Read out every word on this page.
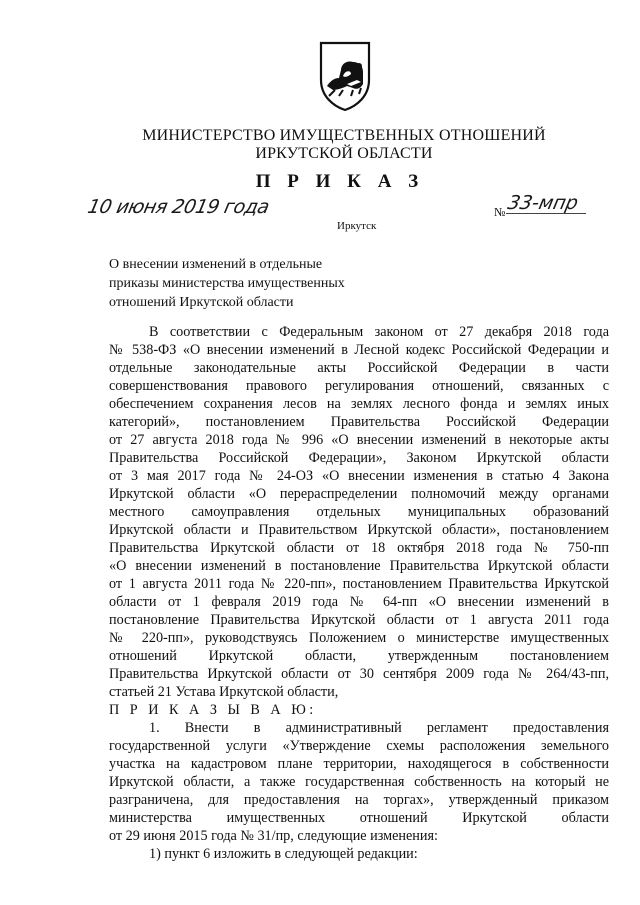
МИНИСТЕРСТВО ИМУЩЕСТВЕННЫХ ОТНОШЕНИЙ
ИРКУТСКОЙ ОБЛАСТИ
П Р И К А З
10 июня 2019 года	№ 33-мпр
Иркутск
О внесении изменений в отдельные
приказы министерства имущественных
отношений Иркутской области
В соответствии с Федеральным законом от 27 декабря 2018 года
№ 538-ФЗ «О внесении изменений в Лесной кодекс Российской Федерации и
отдельные законодательные акты Российской Федерации в части
совершенствования правового регулирования отношений, связанных с
обеспечением сохранения лесов на землях лесного фонда и землях иных
категорий», постановлением Правительства Российской Федерации
от 27 августа 2018 года № 996 «О внесении изменений в некоторые акты
Правительства Российской Федерации», Законом Иркутской области
от 3 мая 2017 года № 24-ОЗ «О внесении изменения в статью 4 Закона
Иркутской области «О перераспределении полномочий между органами
местного самоуправления отдельных муниципальных образований
Иркутской области и Правительством Иркутской области», постановлением
Правительства Иркутской области от 18 октября 2018 года № 750-пп
«О внесении изменений в постановление Правительства Иркутской области
от 1 августа 2011 года № 220-пп», постановлением Правительства Иркутской
области от 1 февраля 2019 года № 64-пп «О внесении изменений в
постановление Правительства Иркутской области от 1 августа 2011 года
№ 220-пп», руководствуясь Положением о министерстве имущественных
отношений Иркутской области, утвержденным постановлением
Правительства Иркутской области от 30 сентября 2009 года № 264/43-пп,
статьей 21 Устава Иркутской области,
П Р И К А З Ы В А Ю:
1. Внести в административный регламент предоставления
государственной услуги «Утверждение схемы расположения земельного
участка на кадастровом плане территории, находящегося в собственности
Иркутской области, а также государственная собственность на который не
разграничена, для предоставления на торгах», утвержденный приказом
министерства имущественных отношений Иркутской области
от 29 июня 2015 года № 31/пр, следующие изменения:
1) пункт 6 изложить в следующей редакции:
